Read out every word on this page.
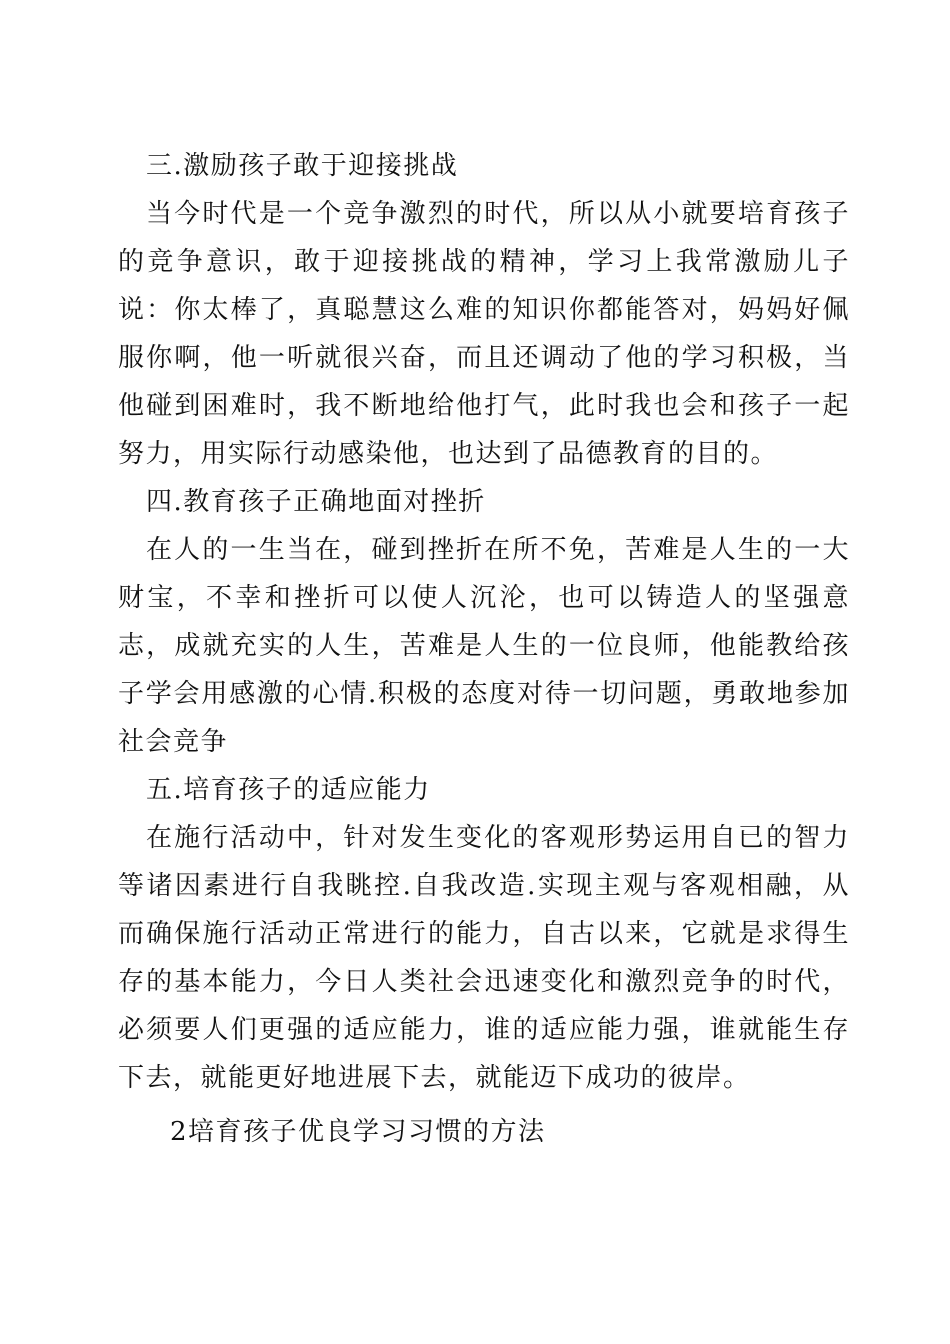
三.激励孩子敢于迎接挑战

当今时代是一个竞争激烈的时代，所以从小就要培育孩子的竞争意识，敢于迎接挑战的精神，学习上我常激励儿子说：你太棒了，真聪慧这么难的知识你都能答对，妈妈好佩服你啊，他一听就很兴奋，而且还调动了他的学习积极，当他碰到困难时，我不断地给他打气，此时我也会和孩子一起努力，用实际行动感染他，也达到了品德教育的目的。

四.教育孩子正确地面对挫折

在人的一生当在，碰到挫折在所不免，苦难是人生的一大财宝，不幸和挫折可以使人沉沦，也可以铸造人的坚强意志，成就充实的人生，苦难是人生的一位良师，他能教给孩子学会用感激的心情.积极的态度对待一切问题，勇敢地参加社会竞争

五.培育孩子的适应能力

在施行活动中，针对发生变化的客观形势运用自已的智力等诸因素进行自我眺控.自我改造.实现主观与客观相融，从而确保施行活动正常进行的能力，自古以来，它就是求得生存的基本能力，今日人类社会迅速变化和激烈竞争的时代，必须要人们更强的适应能力，谁的适应能力强，谁就能生存下去，就能更好地进展下去，就能迈下成功的彼岸。

2培育孩子优良学习习惯的方法
